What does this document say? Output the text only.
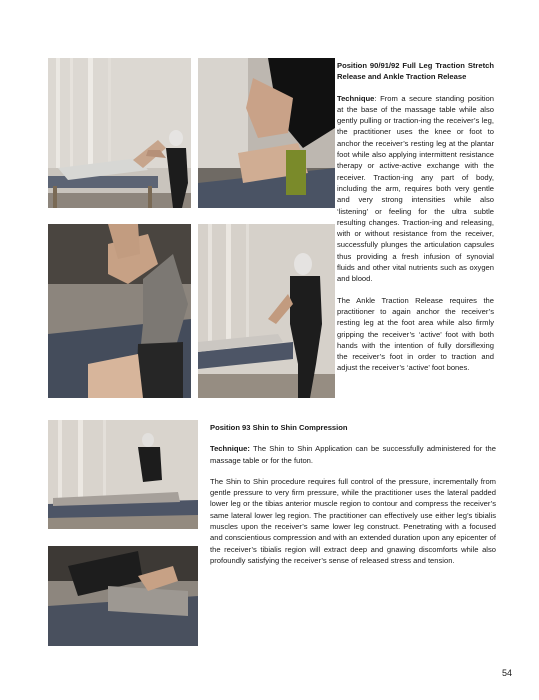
Position 90/91/92 Full Leg Traction Stretch Release and Ankle Traction Release

Technique: From a secure standing position at the base of the massage table while also gently pulling or traction-ing the receiver’s leg, the practitioner uses the knee or foot to anchor the receiver’s resting leg at the plantar foot while also applying intermittent resistance therapy or active-active exchange with the receiver. Traction-ing any part of body, including the arm, requires both very gentle and very strong intensities while also ‘listening’ or feeling for the ultra subtle resulting changes. Traction-ing and releasing, with or without resistance from the receiver, successfully plunges the articulation capsules thus providing a fresh infusion of synovial fluids and other vital nutrients such as oxygen and blood.

The Ankle Traction Release requires the practitioner to again anchor the receiver’s resting leg at the foot area while also firmly gripping the receiver’s ‘active’ foot with both hands with the intention of fully dorsiflexing the receiver’s foot in order to traction and adjust the receiver’s ‘active’ foot bones.

Position 93 Shin to Shin Compression

Technique: The Shin to Shin Application can be successfully administered for the massage table or for the futon.

The Shin to Shin procedure requires full control of the pressure, incrementally from gentle pressure to very firm pressure, while the practitioner uses the lateral padded lower leg or the tibias anterior muscle region to contour and compress the receiver’s same lateral lower leg region. The practitioner can effectively use either leg’s tibialis muscles upon the receiver’s same lower leg construct. Penetrating with a focused and conscientious compression and with an extended duration upon any epicenter of the receiver’s tibialis region will extract deep and gnawing discomforts while also profoundly satisfying the receiver’s sense of released stress and tension.

54
